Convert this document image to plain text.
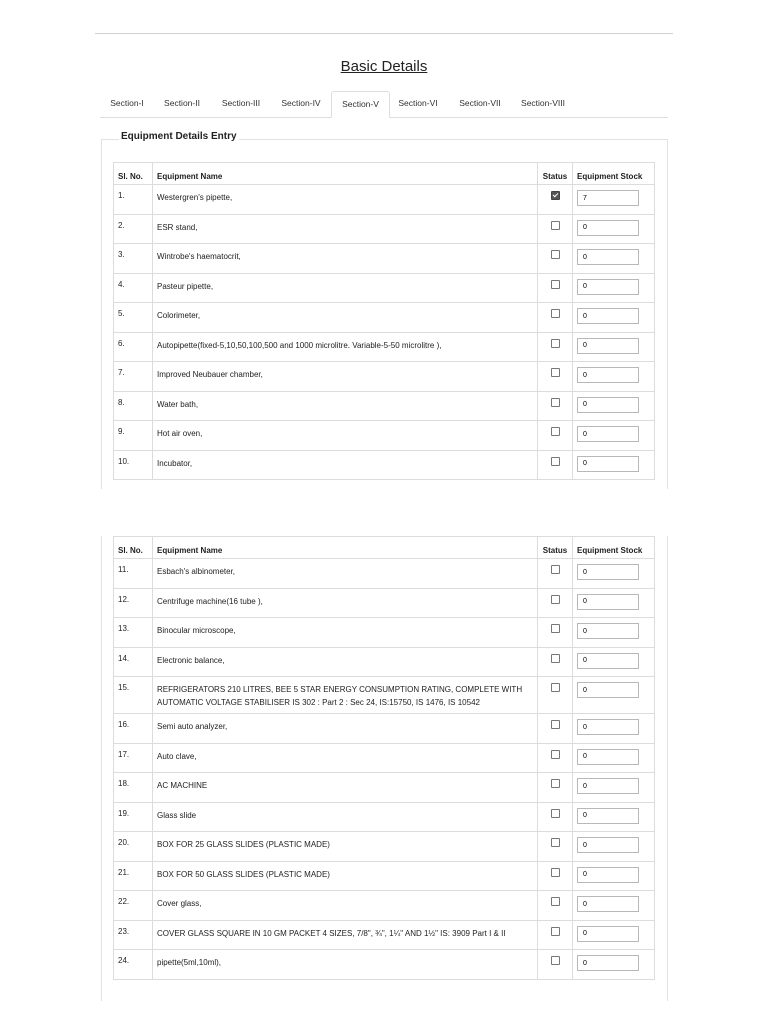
Basic Details
Section-I	Section-II	Section-III	Section-IV	Section-V	Section-VI	Section-VII	Section-VIII
Equipment Details Entry
Sl. No.	Equipment Name	Status	Equipment Stock
1.	Westergren's pipette,		7
2.	ESR stand,		0
3.	Wintrobe's haematocrit,		0
4.	Pasteur pipette,		0
5.	Colorimeter,		0
6.	Autopipette(fixed-5,10,50,100,500 and 1000 microlitre. Variable-5-50 microlitre ),		0
7.	Improved Neubauer chamber,		0
8.	Water bath,		0
9.	Hot air oven,		0
10.	Incubator,		0
Sl. No.	Equipment Name	Status	Equipment Stock
11.	Esbach's albinometer,		0
12.	Centrifuge machine(16 tube ),		0
13.	Binocular microscope,		0
14.	Electronic balance,		0
15.	REFRIGERATORS 210 LITRES, BEE 5 STAR ENERGY CONSUMPTION RATING, COMPLETE WITH AUTOMATIC VOLTAGE STABILISER IS 302 : Part 2 : Sec 24, IS:15750, IS 1476, IS 10542		0
16.	Semi auto analyzer,		0
17.	Auto clave,		0
18.	AC MACHINE		0
19.	Glass slide		0
20.	BOX FOR 25 GLASS SLIDES (PLASTIC MADE)		0
21.	BOX FOR 50 GLASS SLIDES (PLASTIC MADE)		0
22.	Cover glass,		0
23.	COVER GLASS SQUARE IN 10 GM PACKET 4 SIZES, 7/8", ¾", 1¼" AND 1½" IS: 3909 Part I & II		0
24.	pipette(5ml,10ml),		0
